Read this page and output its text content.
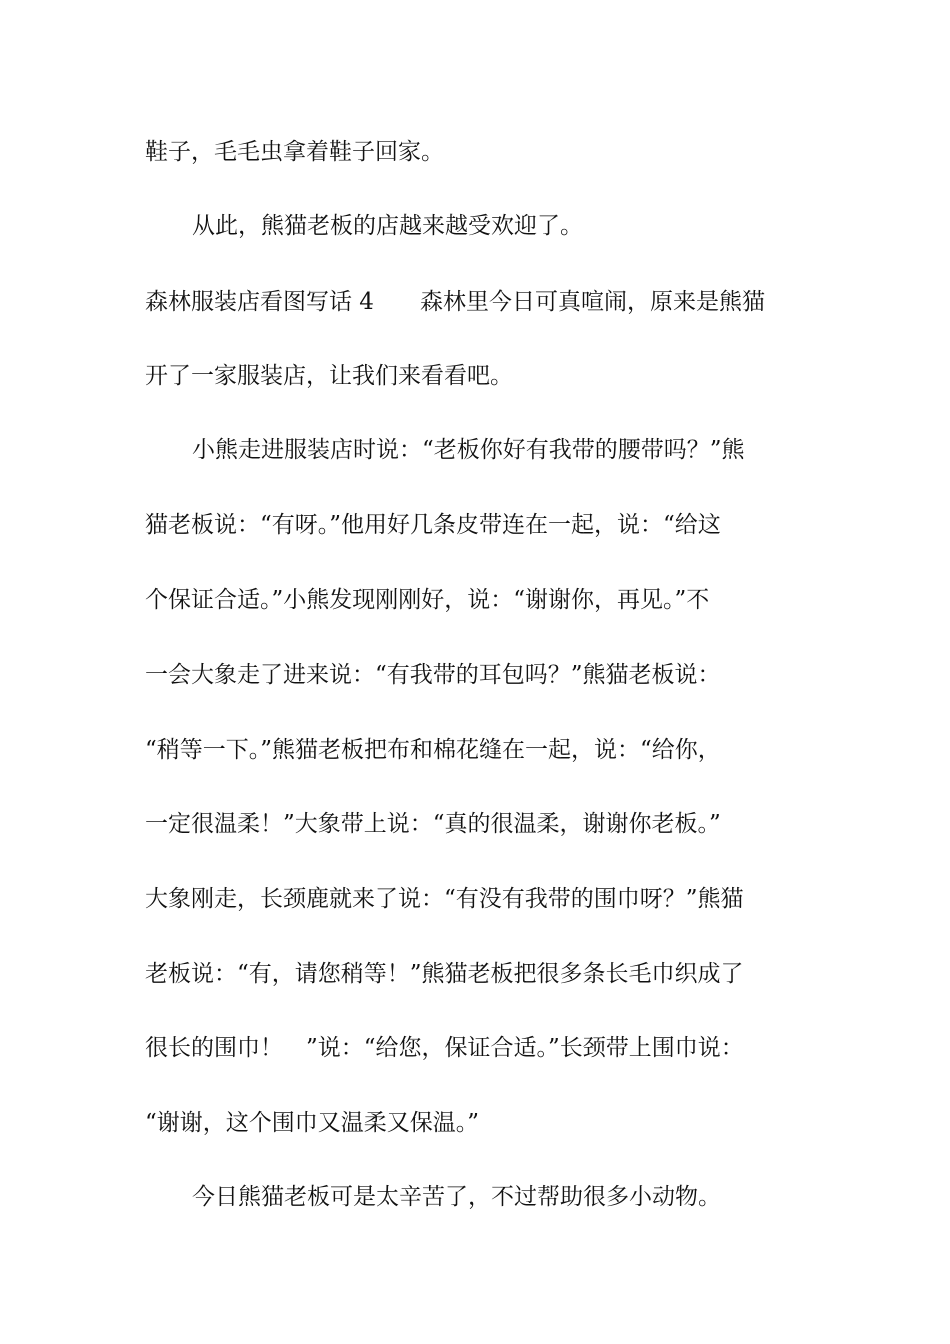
鞋子，毛毛虫拿着鞋子回家。
从此，熊猫老板的店越来越受欢迎了。
森林服装店看图写话 4　　森林里今日可真喧闹，原来是熊猫
开了一家服装店，让我们来看看吧。
小熊走进服装店时说：“老板你好有我带的腰带吗？”熊
猫老板说：“有呀。”他用好几条皮带连在一起，说：“给这
个保证合适。”小熊发现刚刚好，说：“谢谢你，再见。”不
一会大象走了进来说：“有我带的耳包吗？”熊猫老板说：
“稍等一下。”熊猫老板把布和棉花缝在一起，说：“给你，
一定很温柔！”大象带上说：“真的很温柔，谢谢你老板。”
大象刚走，长颈鹿就来了说：“有没有我带的围巾呀？”熊猫
老板说：“有，请您稍等！”熊猫老板把很多条长毛巾织成了
很长的围巾！　”说：“给您，保证合适。”长颈带上围巾说：
“谢谢，这个围巾又温柔又保温。”
今日熊猫老板可是太辛苦了，不过帮助很多小动物。
